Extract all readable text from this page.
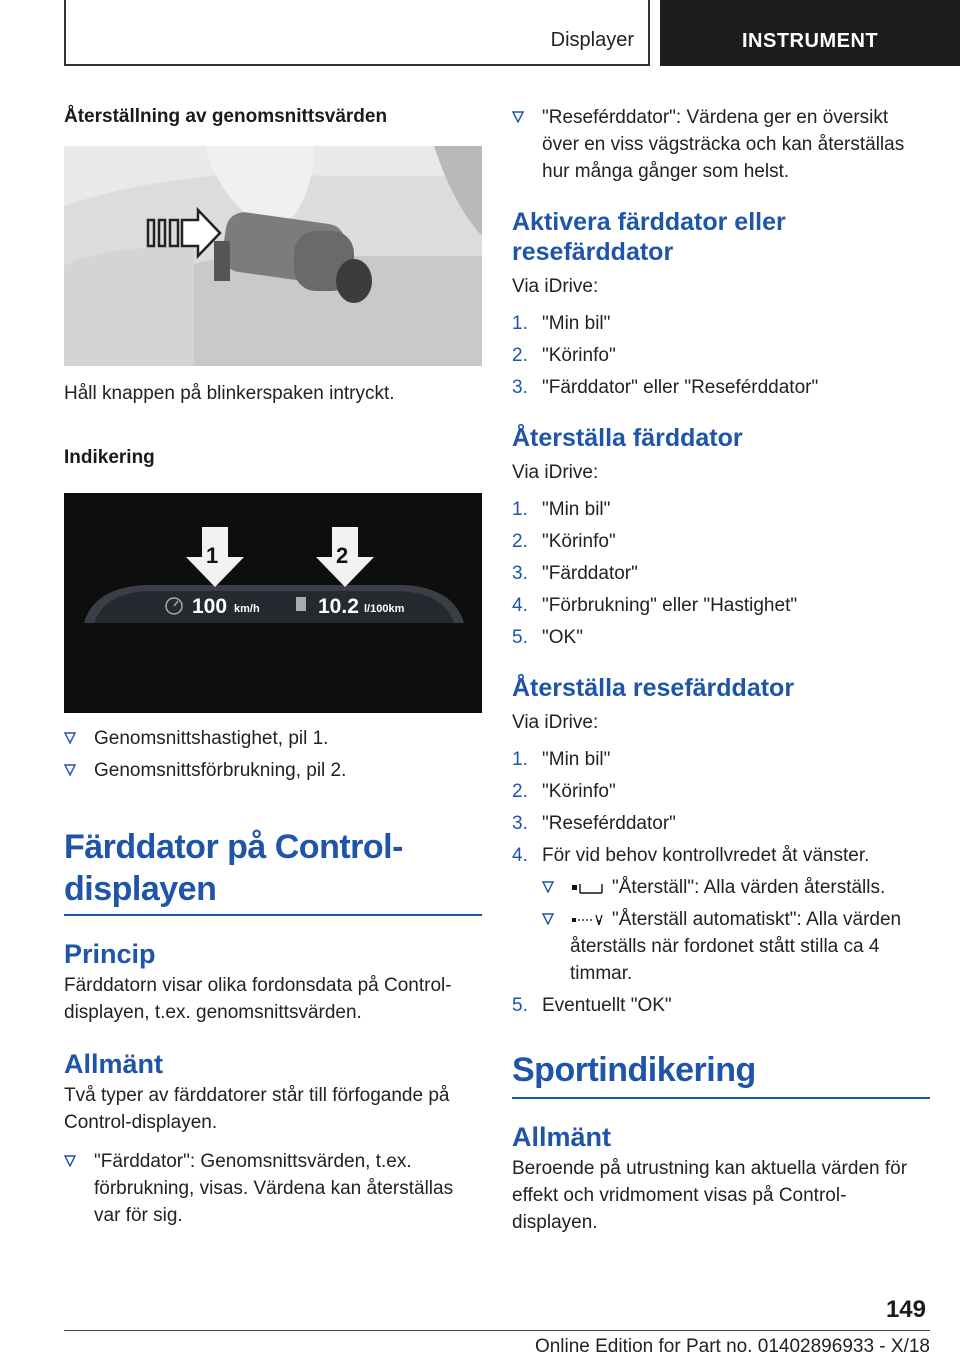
Displayer	INSTRUMENT
Återställning av genomsnittsvärden
Håll knappen på blinkerspaken intryckt.
Indikering
1	2
100 km/h	10.2 l/100km
Genomsnittshastighet, pil 1.
Genomsnittsförbrukning, pil 2.
Färddator på Control-
displayen
Princip
Färddatorn visar olika fordonsdata på Control-displayen, t.ex. genomsnittsvärden.
Allmänt
Två typer av färddatorer står till förfogande på Control-displayen.
"Färddator": Genomsnittsvärden, t.ex. förbrukning, visas. Värdena kan återställas var för sig.
"Reseférddator": Värdena ger en översikt över en viss vägsträcka och kan återställas hur många gånger som helst.
Aktivera färddator eller resefärddator
Via iDrive:
1. "Min bil"
2. "Körinfo"
3. "Färddator" eller "Reseférddator"
Återställa färddator
Via iDrive:
1. "Min bil"
2. "Körinfo"
3. "Färddator"
4. "Förbrukning" eller "Hastighet"
5. "OK"
Återställa resefärddator
Via iDrive:
1. "Min bil"
2. "Körinfo"
3. "Reseférddator"
4. För vid behov kontrollvredet åt vänster.
"Återställ": Alla värden återställs.
"Återställ automatiskt": Alla värden återställs när fordonet stått stilla ca 4 timmar.
5. Eventuellt "OK"
Sportindikering
Allmänt
Beroende på utrustning kan aktuella värden för effekt och vridmoment visas på Control-displayen.
149
Online Edition for Part no. 01402896933 - X/18
